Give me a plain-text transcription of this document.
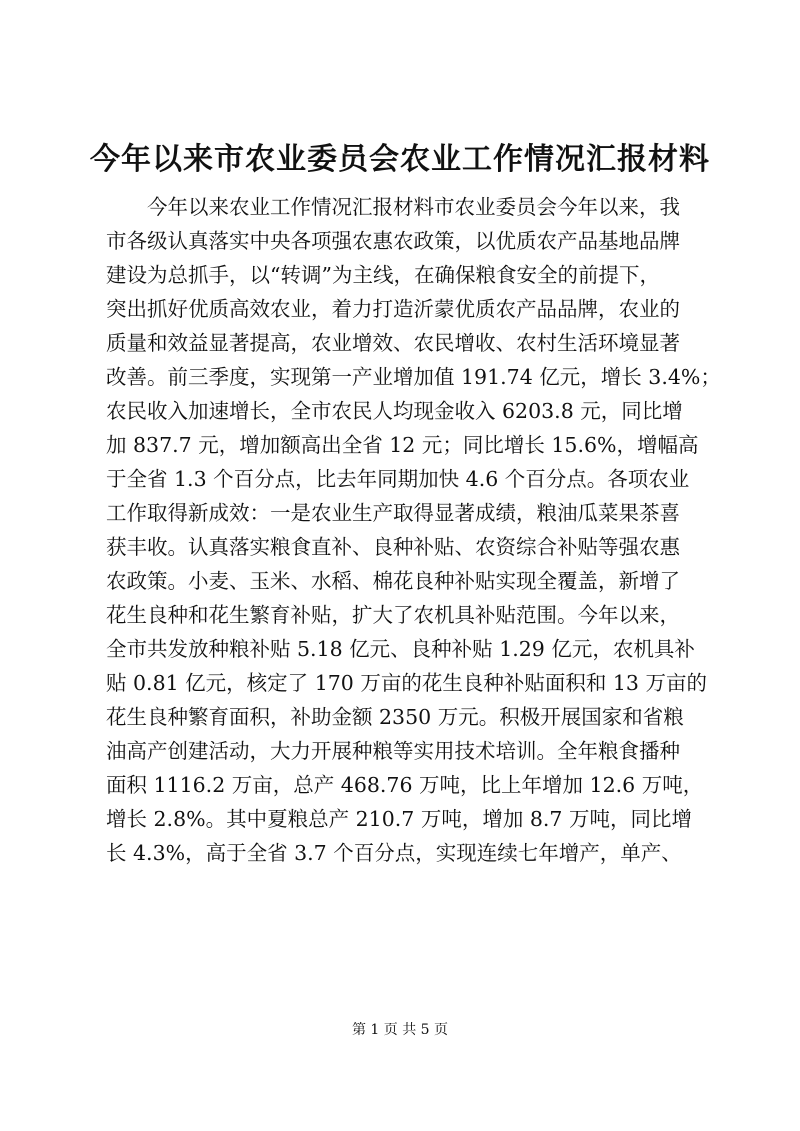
今年以来市农业委员会农业工作情况汇报材料
　　今年以来农业工作情况汇报材料市农业委员会今年以来，我
市各级认真落实中央各项强农惠农政策，以优质农产品基地品牌
建设为总抓手，以“转调”为主线，在确保粮食安全的前提下，
突出抓好优质高效农业，着力打造沂蒙优质农产品品牌，农业的
质量和效益显著提高，农业增效、农民增收、农村生活环境显著
改善。前三季度，实现第一产业增加值 191.74 亿元，增长 3.4%；
农民收入加速增长，全市农民人均现金收入 6203.8 元，同比增
加 837.7 元，增加额高出全省 12 元；同比增长 15.6%，增幅高
于全省 1.3 个百分点，比去年同期加快 4.6 个百分点。各项农业
工作取得新成效：一是农业生产取得显著成绩，粮油瓜菜果茶喜
获丰收。认真落实粮食直补、良种补贴、农资综合补贴等强农惠
农政策。小麦、玉米、水稻、棉花良种补贴实现全覆盖，新增了
花生良种和花生繁育补贴，扩大了农机具补贴范围。今年以来，
全市共发放种粮补贴 5.18 亿元、良种补贴 1.29 亿元，农机具补
贴 0.81 亿元，核定了 170 万亩的花生良种补贴面积和 13 万亩的
花生良种繁育面积，补助金额 2350 万元。积极开展国家和省粮
油高产创建活动，大力开展种粮等实用技术培训。全年粮食播种
面积 1116.2 万亩，总产 468.76 万吨，比上年增加 12.6 万吨，
增长 2.8%。其中夏粮总产 210.7 万吨，增加 8.7 万吨，同比增
长 4.3%，高于全省 3.7 个百分点，实现连续七年增产，单产、
第 1 页 共 5 页
